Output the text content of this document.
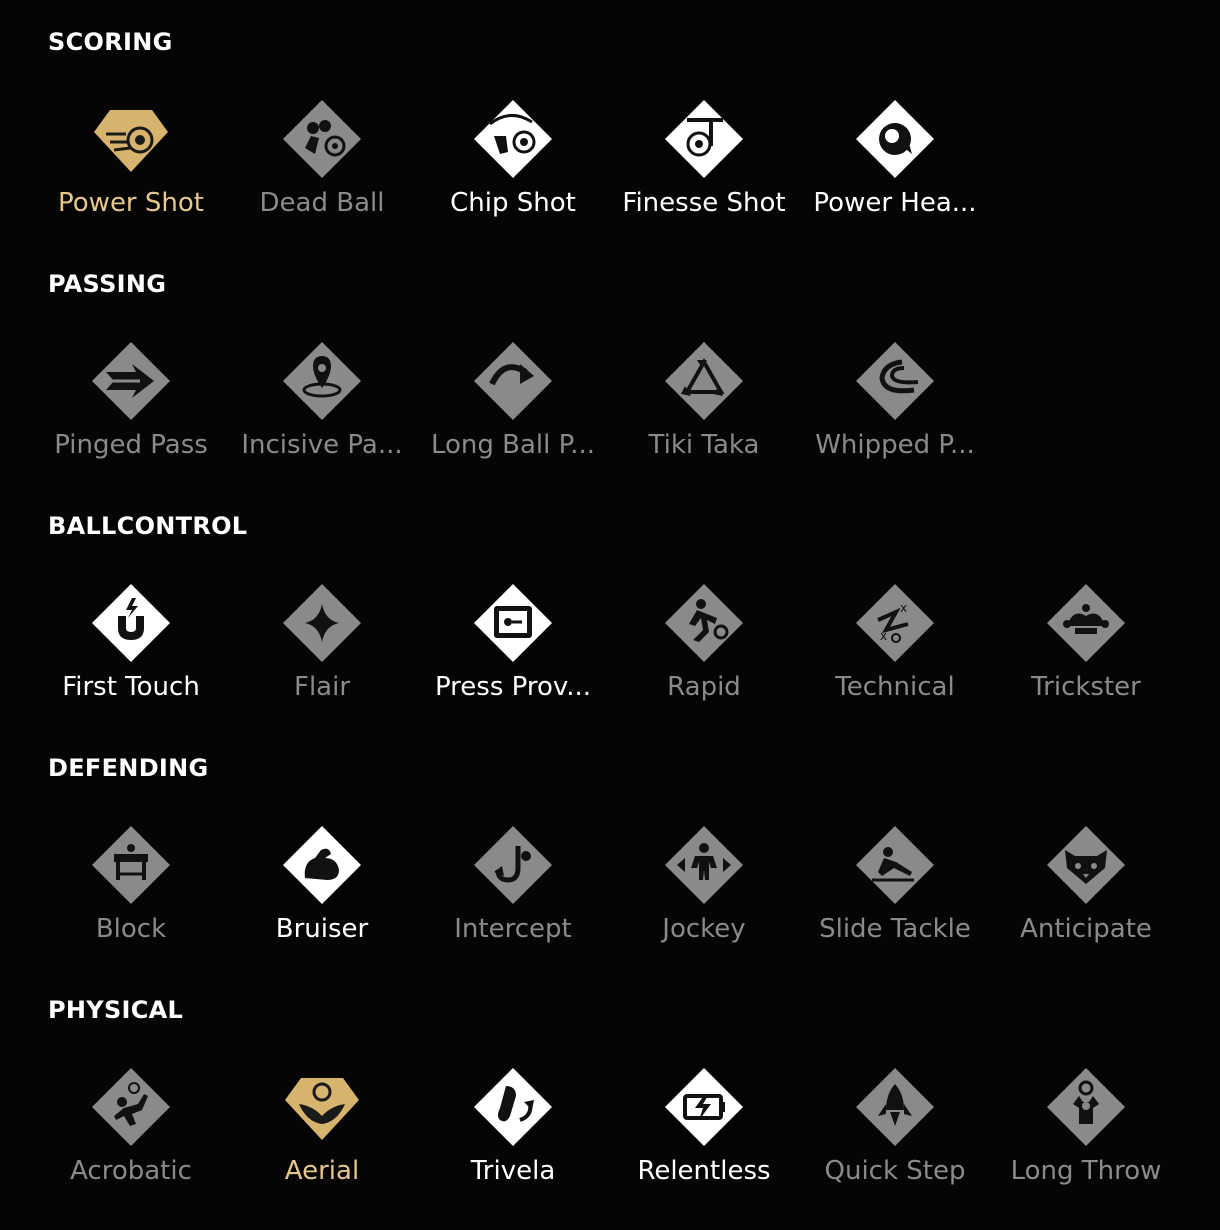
SCORING
Power Shot	Dead Ball	Chip Shot	Finesse Shot	Power Hea...
PASSING
Pinged Pass	Incisive Pa...	Long Ball P...	Tiki Taka	Whipped P...
BALLCONTROL
First Touch	Flair	Press Prov...	Rapid
x
x
Technical	Trickster
DEFENDING
Block	Bruiser	Intercept	Jockey	Slide Tackle	Anticipate
PHYSICAL
Acrobatic	Aerial	Trivela	Relentless	Quick Step	Long Throw
